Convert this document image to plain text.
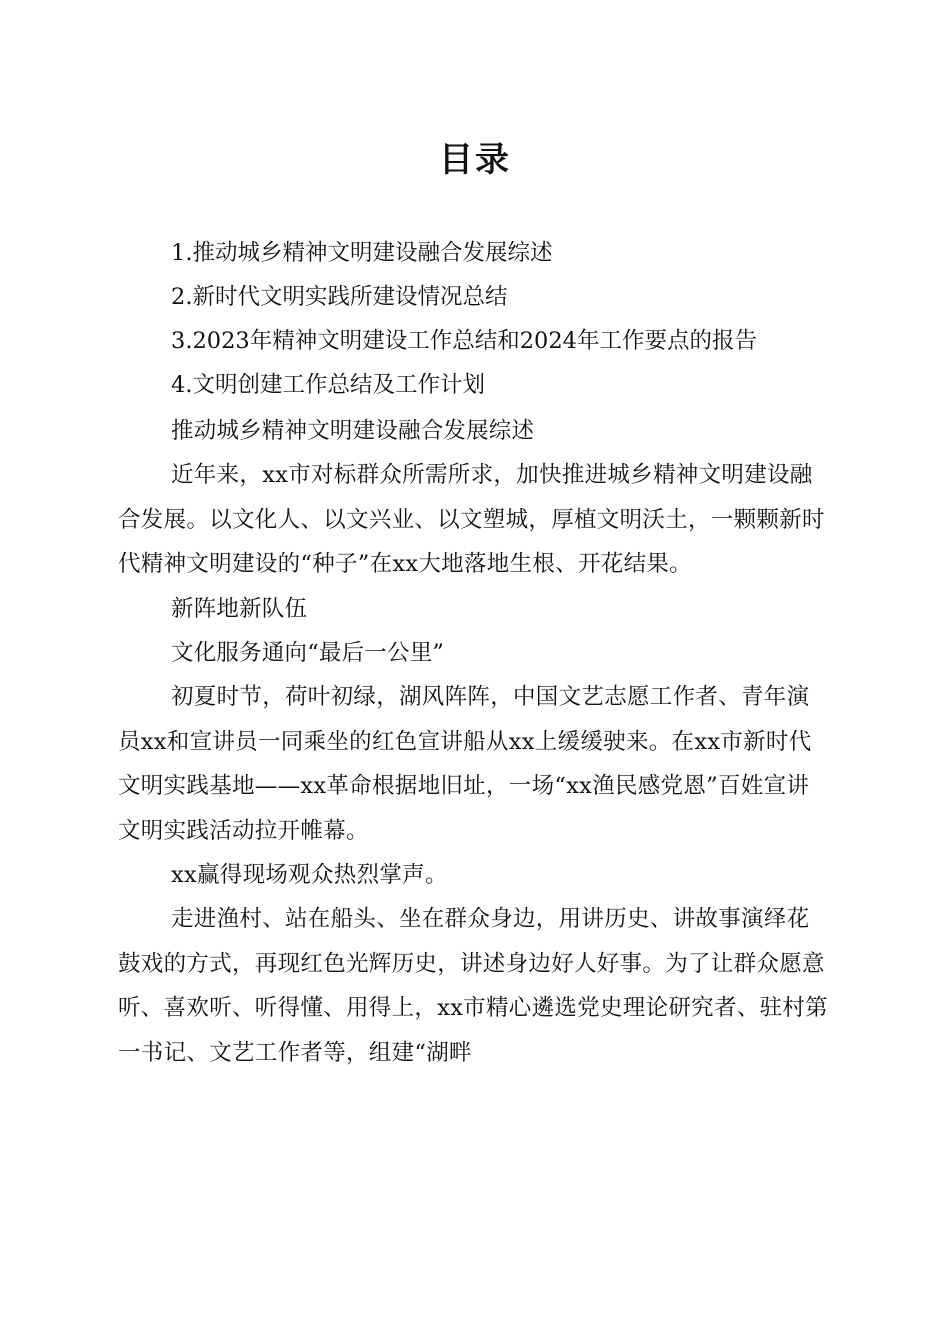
目录
1.推动城乡精神文明建设融合发展综述
2.新时代文明实践所建设情况总结
3.2023年精神文明建设工作总结和2024年工作要点的报告
4.文明创建工作总结及工作计划

推动城乡精神文明建设融合发展综述

近年来，xx市对标群众所需所求，加快推进城乡精神文明建设融合发展。以文化人、以文兴业、以文塑城，厚植文明沃土，一颗颗新时代精神文明建设的“种子”在xx大地落地生根、开花结果。

新阵地新队伍

文化服务通向“最后一公里”

初夏时节，荷叶初绿，湖风阵阵，中国文艺志愿工作者、青年演员xx和宣讲员一同乘坐的红色宣讲船从xx上缓缓驶来。在xx市新时代文明实践基地——xx革命根据地旧址，一场“xx渔民感党恩”百姓宣讲文明实践活动拉开帷幕。

xx赢得现场观众热烈掌声。

走进渔村、站在船头、坐在群众身边，用讲历史、讲故事演绎花鼓戏的方式，再现红色光辉历史，讲述身边好人好事。为了让群众愿意听、喜欢听、听得懂、用得上，xx市精心遴选党史理论研究者、驻村第一书记、文艺工作者等，组建“湖畔
